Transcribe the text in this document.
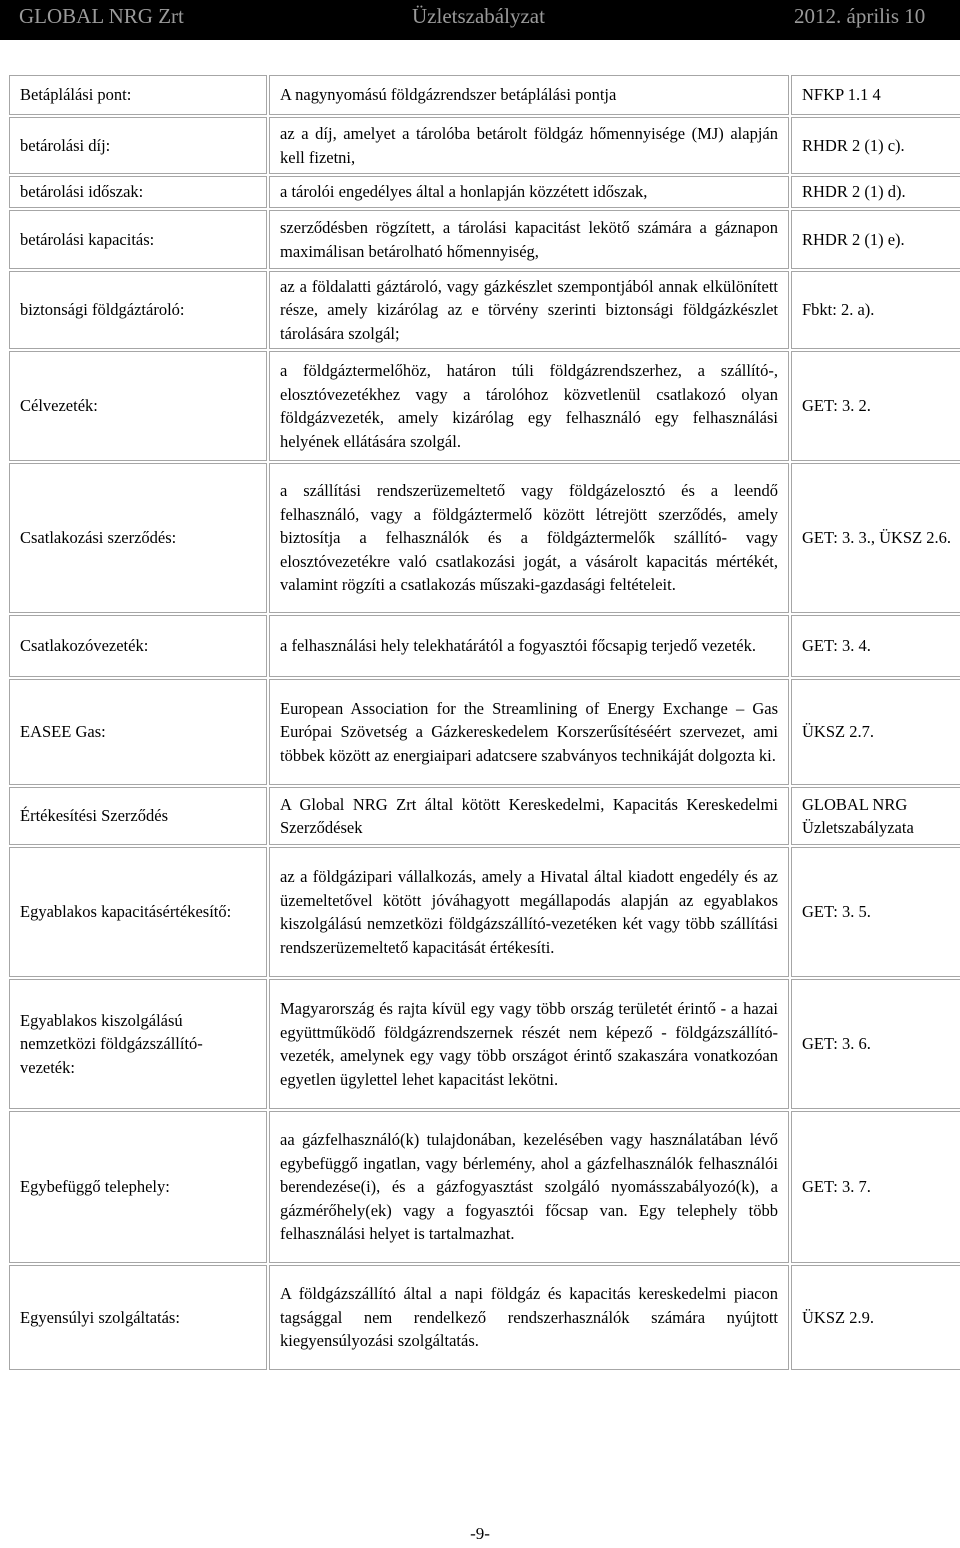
GLOBAL NRG Zrt	Üzletszabályzat	2012. április 10
Betáplálási pont:	A nagynyomású földgázrendszer betáplálási pontja	NFKP 1.1 4
betárolási díj:	az a díj, amelyet a tárolóba betárolt földgáz hőmennyisége (MJ) alapján kell fizetni,	RHDR 2 (1) c).
betárolási időszak:	a tárolói engedélyes által a honlapján közzétett időszak,	RHDR 2 (1) d).
betárolási kapacitás:	szerződésben rögzített, a tárolási kapacitást lekötő számára a gáznapon maximálisan betárolható hőmennyiség,	RHDR 2 (1) e).
biztonsági földgáztároló:	az a földalatti gáztároló, vagy gázkészlet szempontjából annak elkülönített része, amely kizárólag az e törvény szerinti biztonsági földgázkészlet tárolására szolgál;	Fbkt: 2. a).
Célvezeték:	a földgáztermelőhöz, határon túli földgázrendszerhez, a szállító-, elosztóvezetékhez vagy a tárolóhoz közvetlenül csatlakozó olyan földgázvezeték, amely kizárólag egy felhasználó egy felhasználási helyének ellátására szolgál.	GET: 3. 2.
Csatlakozási szerződés:	a szállítási rendszerüzemeltető vagy földgázelosztó és a leendő felhasználó, vagy a földgáztermelő között létrejött szerződés, amely biztosítja a felhasználók és a földgáztermelők szállító- vagy elosztóvezetékre való csatlakozási jogát, a vásárolt kapacitás mértékét, valamint rögzíti a csatlakozás műszaki-gazdasági feltételeit.	GET: 3. 3., ÜKSZ 2.6.
Csatlakozóvezeték:	a felhasználási hely telekhatárától a fogyasztói főcsapig terjedő vezeték.	GET: 3. 4.
EASEE Gas:	European Association for the Streamlining of Energy Exchange – Gas Európai Szövetség a Gázkereskedelem Korszerűsítéséért szervezet, ami többek között az energiaipari adatcsere szabványos technikáját dolgozta ki.	ÜKSZ 2.7.
Értékesítési Szerződés	A Global NRG Zrt által kötött Kereskedelmi, Kapacitás Kereskedelmi Szerződések	GLOBAL NRG Üzletszabályzata
Egyablakos kapacitásértékesítő:	az a földgázipari vállalkozás, amely a Hivatal által kiadott engedély és az üzemeltetővel kötött jóváhagyott megállapodás alapján az egyablakos kiszolgálású nemzetközi földgázszállító-vezetéken két vagy több szállítási rendszerüzemeltető kapacitását értékesíti.	GET: 3. 5.
Egyablakos kiszolgálású nemzetközi földgázszállító-vezeték:	Magyarország és rajta kívül egy vagy több ország területét érintő - a hazai együttműködő földgázrendszernek részét nem képező - földgázszállító-vezeték, amelynek egy vagy több országot érintő szakaszára vonatkozóan egyetlen ügylettel lehet kapacitást lekötni.	GET: 3. 6.
Egybefüggő telephely:	aa gázfelhasználó(k) tulajdonában, kezelésében vagy használatában lévő egybefüggő ingatlan, vagy bérlemény, ahol a gázfelhasználók felhasználói berendezése(i), és a gázfogyasztást szolgáló nyomásszabályozó(k), a gázmérőhely(ek) vagy a fogyasztói főcsap van. Egy telephely több felhasználási helyet is tartalmazhat.	GET: 3. 7.
Egyensúlyi szolgáltatás:	A földgázszállító által a napi földgáz és kapacitás kereskedelmi piacon tagsággal nem rendelkező rendszerhasználók számára nyújtott kiegyensúlyozási szolgáltatás.	ÜKSZ 2.9.
-9-
